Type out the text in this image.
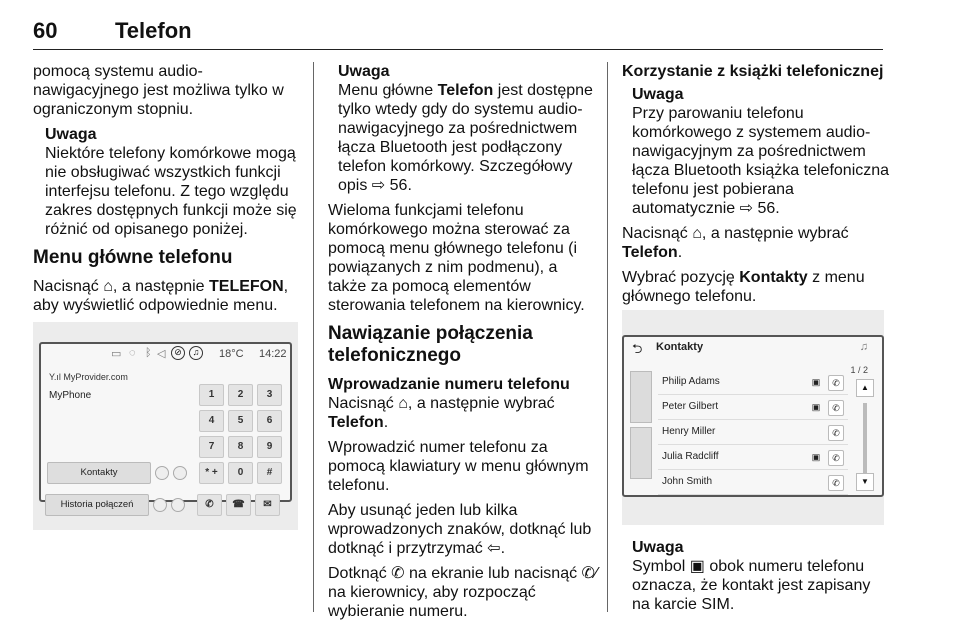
60	Telefon

pomocą systemu audio-nawigacyjnego jest możliwa tylko w ograniczonym stopniu.

Uwaga
Niektóre telefony komórkowe mogą nie obsługiwać wszystkich funkcji interfejsu telefonu. Z tego względu zakres dostępnych funkcji może się różnić od opisanego poniżej.
Menu główne telefonu

Nacisnąć ⌂, a następnie TELEFON, aby wyświetlić odpowiednie menu.

▭ ◌ ᛒ ◁ ⊘	♫	18°C 14:22
Y.ıl MyProvider.com
MyPhone	1	2	3
4	5	6
7	8	9
* +	0	#
Kontakty
Historia połączeń	✆	☎	✉
Uwaga
Menu główne Telefon jest dostępne tylko wtedy gdy do systemu audio-nawigacyjnego za pośrednictwem łącza Bluetooth jest podłączony telefon komórkowy. Szczegółowy opis ⇨ 56.

Wieloma funkcjami telefonu komórkowego można sterować za pomocą menu głównego telefonu (i powiązanych z nim podmenu), a także za pomocą elementów sterowania telefonem na kierownicy.

Nawiązanie połączenia telefonicznego
Wprowadzanie numeru telefonu

Nacisnąć ⌂, a następnie wybrać Telefon.

Wprowadzić numer telefonu za pomocą klawiatury w menu głównym telefonu.

Aby usunąć jeden lub kilka wprowadzonych znaków, dotknąć lub dotknąć i przytrzymać ⇦.

Dotknąć ✆ na ekranie lub nacisnąć ✆⁄ na kierownicy, aby rozpocząć wybieranie numeru.

Korzystanie z książki telefonicznej
Uwaga
Przy parowaniu telefonu komórkowego z systemem audio-nawigacyjnym za pośrednictwem łącza Bluetooth książka telefoniczna telefonu jest pobierana automatycznie ⇨ 56.

Nacisnąć ⌂, a następnie wybrać Telefon.

Wybrać pozycję Kontakty z menu głównego telefonu.

Uwaga
Symbol ▣ obok numeru telefonu oznacza, że kontakt jest zapisany na karcie SIM.
⮌ Kontakty	♫
1 / 2
Philip Adams	▣	✆
Peter Gilbert	▣	✆
Henry Miller	✆
Julia Radcliff	▣	✆
John Smith	✆
▲
▼
